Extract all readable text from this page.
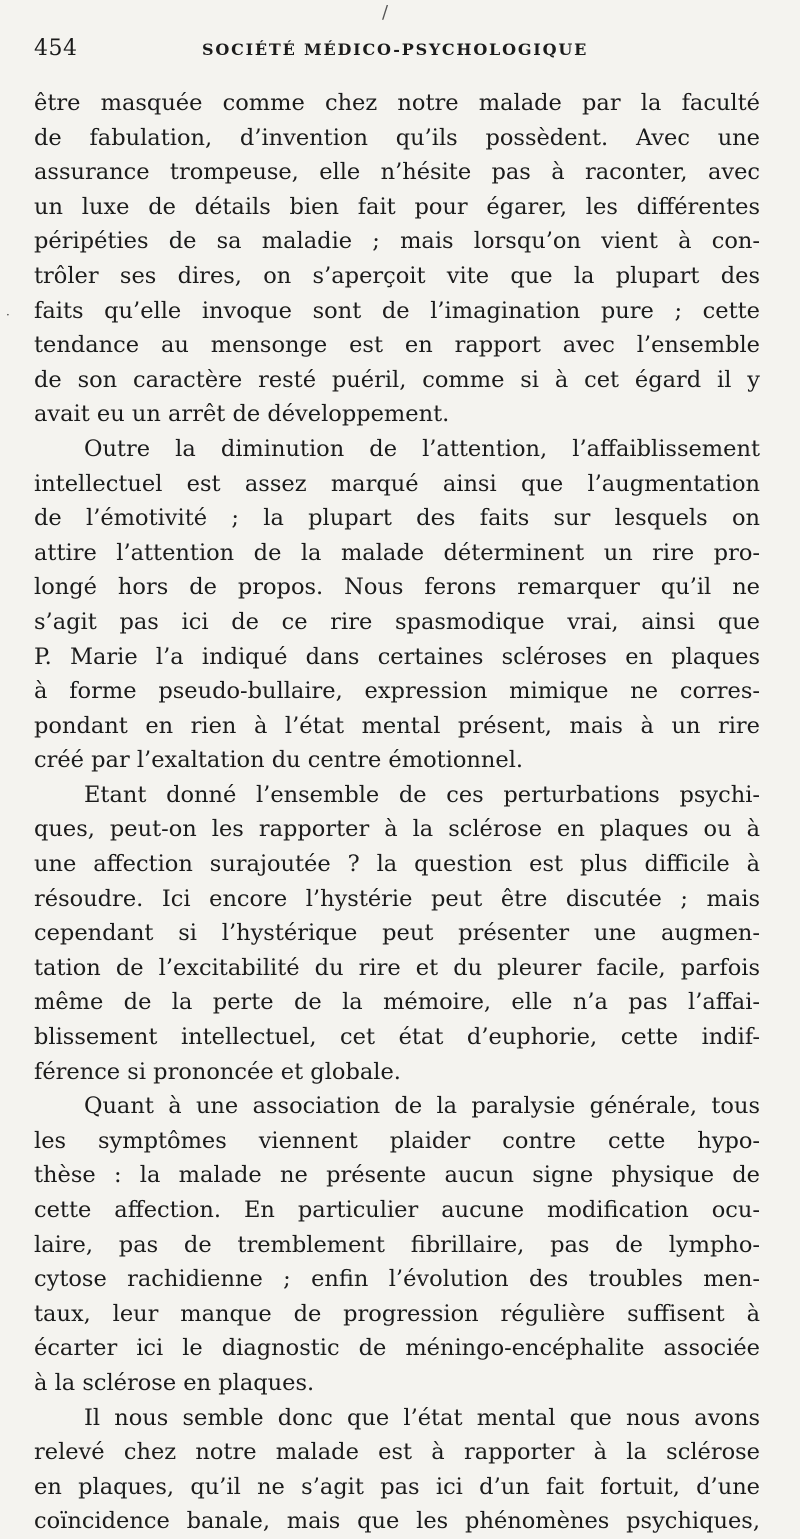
/
·
454	SOCIÉTÉ MÉDICO-PSYCHOLOGIQUE
être masquée comme chez notre malade par la faculté
de fabulation, d’invention qu’ils possèdent. Avec une
assurance trompeuse, elle n’hésite pas à raconter, avec
un luxe de détails bien fait pour égarer, les différentes
péripéties de sa maladie ; mais lorsqu’on vient à con-
trôler ses dires, on s’aperçoit vite que la plupart des
faits qu’elle invoque sont de l’imagination pure ; cette
tendance au mensonge est en rapport avec l’ensemble
de son caractère resté puéril, comme si à cet égard il y
avait eu un arrêt de développement.
Outre la diminution de l’attention, l’affaiblissement
intellectuel est assez marqué ainsi que l’augmentation
de l’émotivité ; la plupart des faits sur lesquels on
attire l’attention de la malade déterminent un rire pro-
longé hors de propos. Nous ferons remarquer qu’il ne
s’agit pas ici de ce rire spasmodique vrai, ainsi que
P. Marie l’a indiqué dans certaines scléroses en plaques
à forme pseudo-bullaire, expression mimique ne corres-
pondant en rien à l’état mental présent, mais à un rire
créé par l’exaltation du centre émotionnel.
Etant donné l’ensemble de ces perturbations psychi-
ques, peut-on les rapporter à la sclérose en plaques ou à
une affection surajoutée ? la question est plus difficile à
résoudre. Ici encore l’hystérie peut être discutée ; mais
cependant si l’hystérique peut présenter une augmen-
tation de l’excitabilité du rire et du pleurer facile, parfois
même de la perte de la mémoire, elle n’a pas l’affai-
blissement intellectuel, cet état d’euphorie, cette indif-
férence si prononcée et globale.
Quant à une association de la paralysie générale, tous
les symptômes viennent plaider contre cette hypo-
thèse : la malade ne présente aucun signe physique de
cette affection. En particulier aucune modification ocu-
laire, pas de tremblement fibrillaire, pas de lympho-
cytose rachidienne ; enfin l’évolution des troubles men-
taux, leur manque de progression régulière suffisent à
écarter ici le diagnostic de méningo-encéphalite associée
à la sclérose en plaques.
Il nous semble donc que l’état mental que nous avons
relevé chez notre malade est à rapporter à la sclérose
en plaques, qu’il ne s’agit pas ici d’un fait fortuit, d’une
coïncidence banale, mais que les phénomènes psychiques,
